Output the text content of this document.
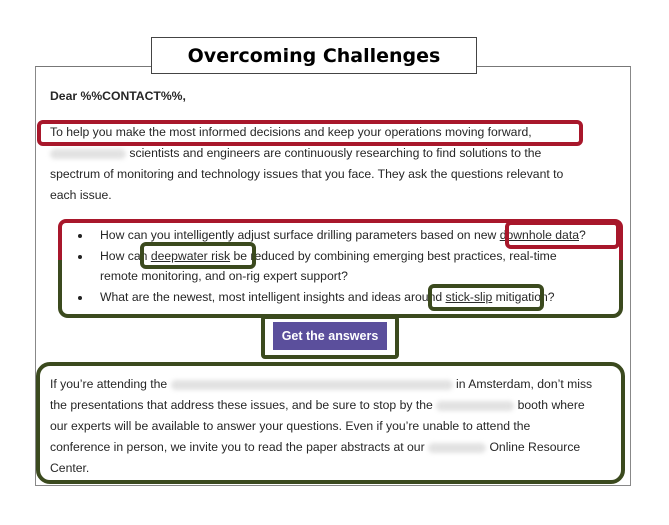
Overcoming Challenges
Dear %%CONTACT%%,
To help you make the most informed decisions and keep your operations moving forward,
scientists and engineers are continuously researching to find solutions to the
spectrum of monitoring and technology issues that you face. They ask the questions relevant to
each issue.
How can you intelligently adjust surface drilling parameters based on new downhole data?
How can deepwater risk be reduced by combining emerging best practices, real-time
remote monitoring, and on-rig expert support?
What are the newest, most intelligent insights and ideas around stick-slip mitigation?
Get the answers
If you’re attending the	in Amsterdam, don’t miss
the presentations that address these issues, and be sure to stop by the	booth where
our experts will be available to answer your questions. Even if you’re unable to attend the
conference in person, we invite you to read the paper abstracts at our	Online Resource
Center.
